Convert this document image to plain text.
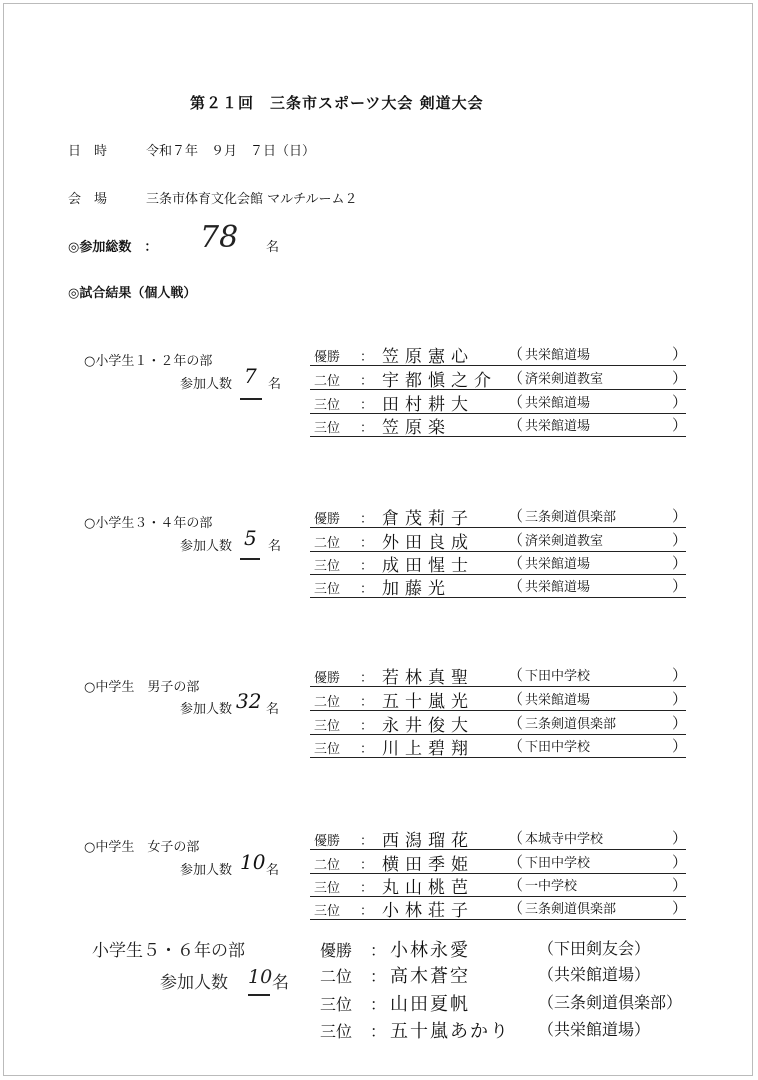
第２１回　三条市スポーツ大会 剣道大会
日　時	令和７年　９月　７日（日）
会　場	三条市体育文化会館 マルチルーム２
◎参加総数　： 78 名
◎試合結果（個人戦）
○小学生１・２年の部
参加人数 7 名
優勝 ： 笠原憲心 （ 共栄館道場	）
二位 ： 宇都愼之介 （ 済栄剣道教室	）
三位 ： 田村耕大 （ 共栄館道場	）
三位 ： 笠原楽	（ 共栄館道場	）
○小学生３・４年の部
参加人数 5 名
優勝 ： 倉茂莉子 （ 三条剣道倶楽部	）
二位 ： 外田良成 （ 済栄剣道教室	）
三位 ： 成田惺士 （ 共栄館道場	）
三位 ： 加藤光	（ 共栄館道場	）
○中学生　男子の部
参加人数 32 名
優勝 ： 若林真聖 （ 下田中学校	）
二位 ： 五十嵐光 （ 共栄館道場	）
三位 ： 永井俊大 （ 三条剣道倶楽部	）
三位 ： 川上碧翔 （ 下田中学校	）
○中学生　女子の部
参加人数 10 名
優勝 ： 西潟瑠花 （ 本城寺中学校	）
二位 ： 横田季姫 （ 下田中学校	）
三位 ： 丸山桃芭 （ 一中学校	）
三位 ： 小林荘子 （ 三条剣道倶楽部	）
小学生５・６年の部
参加人数 10 名
優勝 ： 小林永愛	（下田剣友会）
二位 ： 高木蒼空	（共栄館道場）
三位 ： 山田夏帆	（三条剣道倶楽部）
三位 ： 五十嵐あかり （共栄館道場）
